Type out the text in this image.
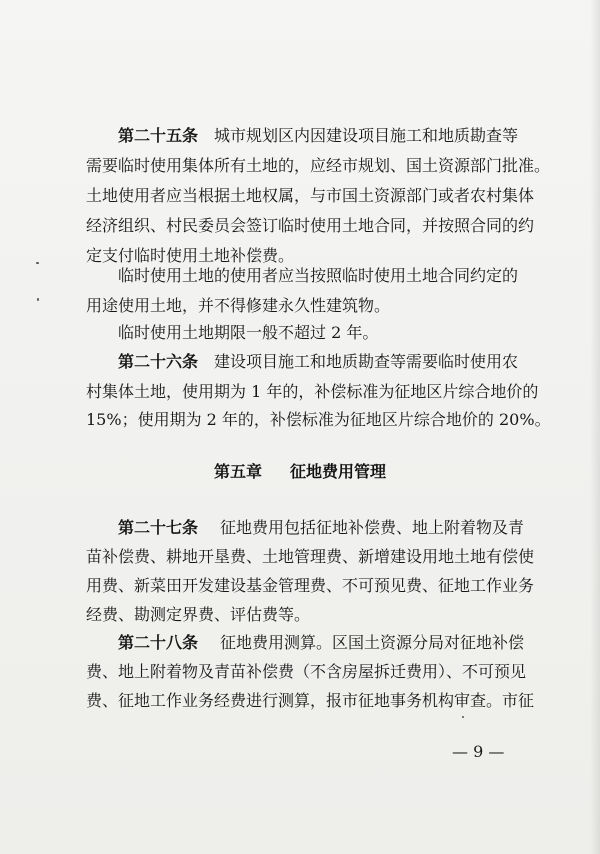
第二十五条 城市规划区内因建设项目施工和地质勘查等
需要临时使用集体所有土地的，应经市规划、国土资源部门批准。
土地使用者应当根据土地权属，与市国土资源部门或者农村集体
经济组织、村民委员会签订临时使用土地合同，并按照合同的约
定支付临时使用土地补偿费。
临时使用土地的使用者应当按照临时使用土地合同约定的
用途使用土地，并不得修建永久性建筑物。
临时使用土地期限一般不超过 2 年。
第二十六条 建设项目施工和地质勘查等需要临时使用农
村集体土地，使用期为 1 年的，补偿标准为征地区片综合地价的
15%；使用期为 2 年的，补偿标准为征地区片综合地价的 20%。
第五章 征地费用管理
第二十七条 征地费用包括征地补偿费、地上附着物及青
苗补偿费、耕地开垦费、土地管理费、新增建设用地土地有偿使
用费、新菜田开发建设基金管理费、不可预见费、征地工作业务
经费、勘测定界费、评估费等。
第二十八条 征地费用测算。区国土资源分局对征地补偿
费、地上附着物及青苗补偿费（不含房屋拆迁费用）、不可预见
费、征地工作业务经费进行测算，报市征地事务机构审查。市征
— 9 —
